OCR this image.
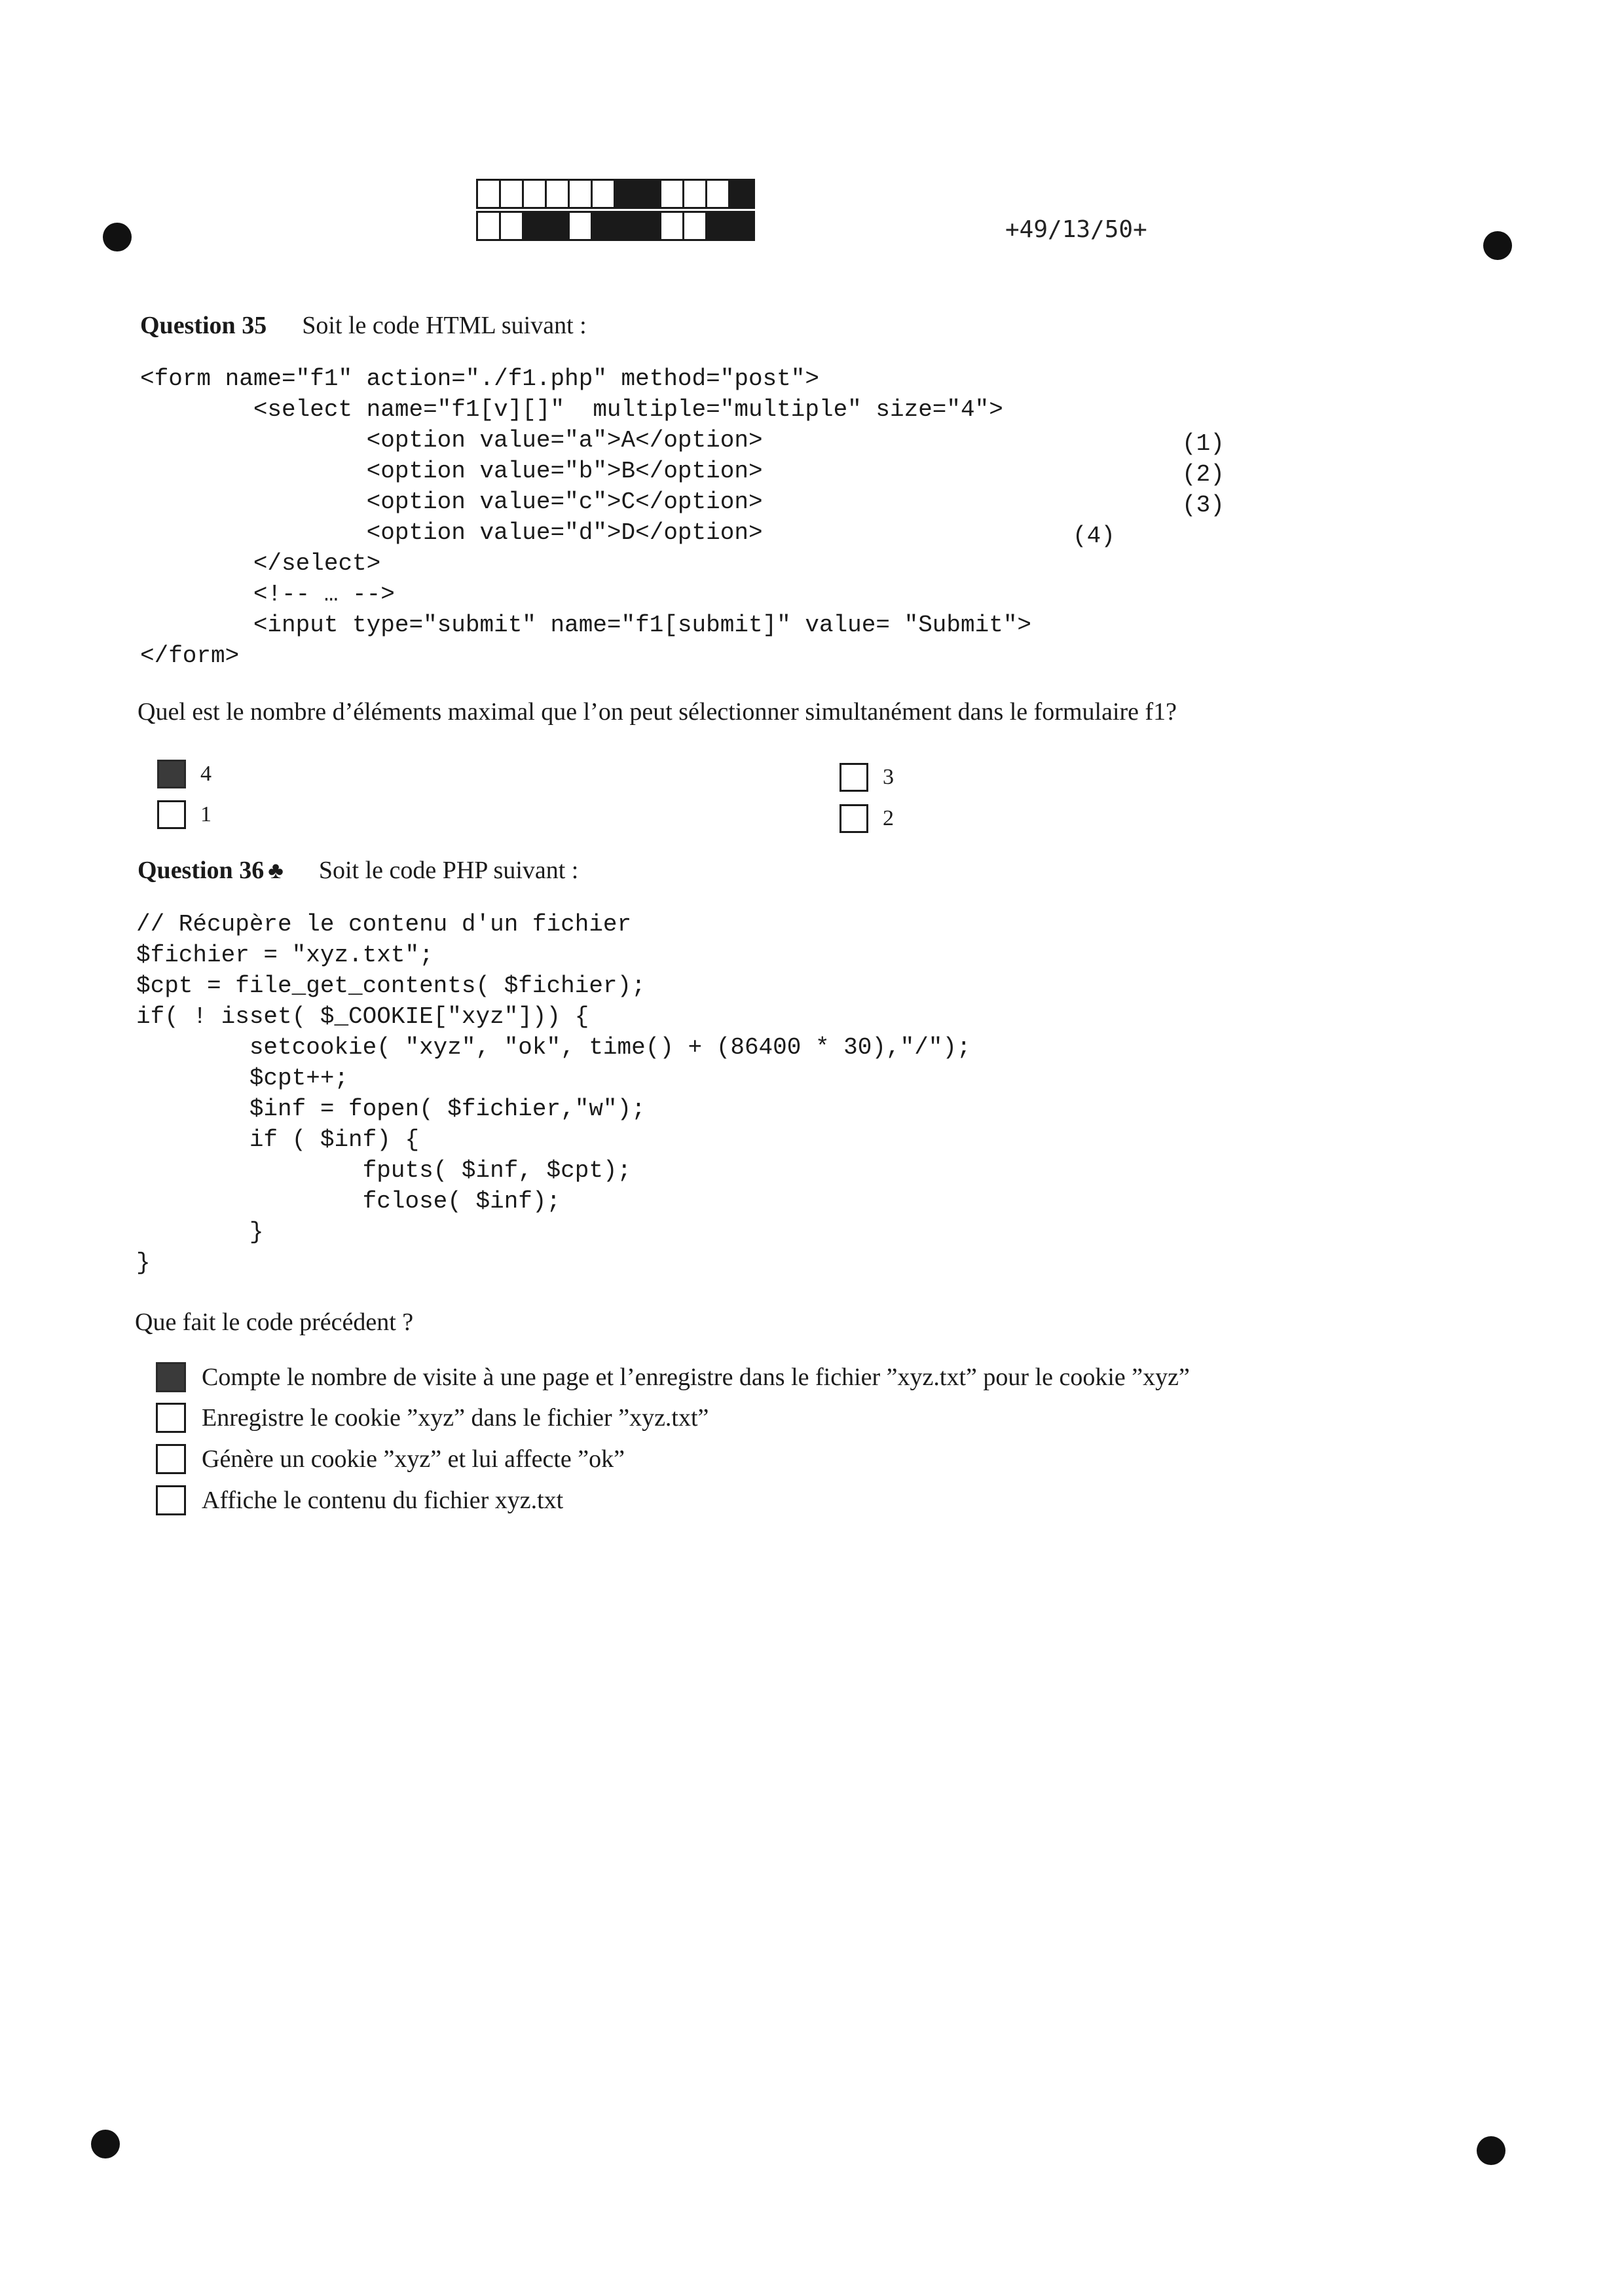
+49/13/50+
Question 35 Soit le code HTML suivant :
<form name="f1" action="./f1.php" method="post">
<select name="f1[v][]"  multiple="multiple" size="4">
<option value="a">A</option>
<option value="b">B</option>
<option value="c">C</option>
<option value="d">D</option>
</select>
<!-- … -->
<input type="submit" name="f1[submit]" value= "Submit">
</form>
(1)
(2)
(3)
(4)
Quel est le nombre d’éléments maximal que l’on peut sélectionner simultanément dans le formulaire f1?
4
1
3
2
Question 36 ♣ Soit le code PHP suivant :
// Récupère le contenu d'un fichier
$fichier = "xyz.txt";
$cpt = file_get_contents( $fichier);
if( ! isset( $_COOKIE["xyz"])) {
setcookie( "xyz", "ok", time() + (86400 * 30),"/");
$cpt++;
$inf = fopen( $fichier,"w");
if ( $inf) {
fputs( $inf, $cpt);
fclose( $inf);
}
}
Que fait le code précédent ?
Compte le nombre de visite à une page et l’enregistre dans le fichier ”xyz.txt” pour le cookie ”xyz”
Enregistre le cookie ”xyz” dans le fichier ”xyz.txt”
Génère un cookie ”xyz” et lui affecte ”ok”
Affiche le contenu du fichier xyz.txt
